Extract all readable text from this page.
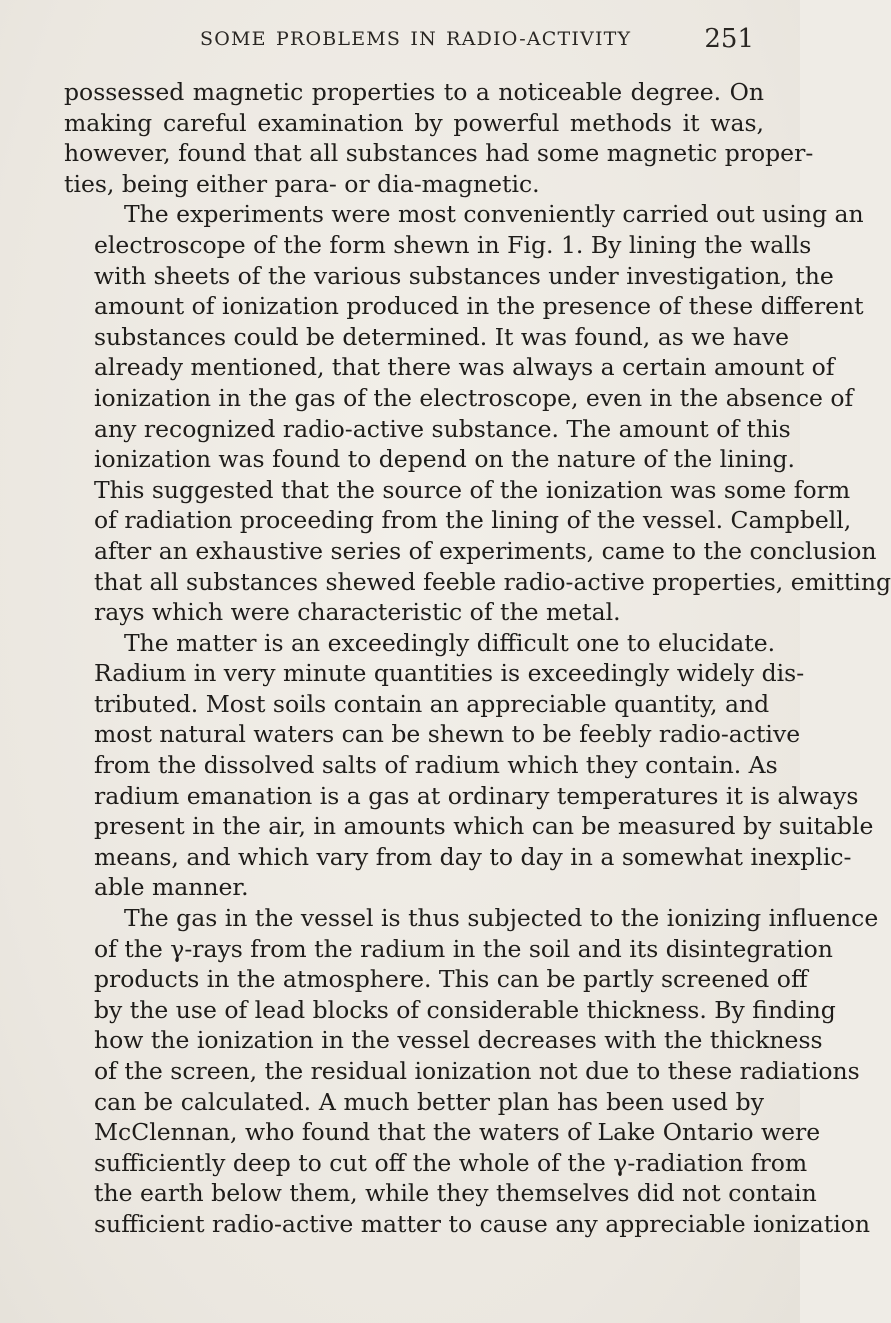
SOME PROBLEMS IN RADIO-ACTIVITY	251

possessed magnetic properties to a noticeable degree. On
making careful examination by powerful methods it was,
however, found that all substances had some magnetic proper-
ties, being either para- or dia-magnetic.

The experiments were most conveniently carried out using an
electroscope of the form shewn in Fig. 1. By lining the walls
with sheets of the various substances under investigation, the
amount of ionization produced in the presence of these different
substances could be determined. It was found, as we have
already mentioned, that there was always a certain amount of
ionization in the gas of the electroscope, even in the absence of
any recognized radio-active substance. The amount of this
ionization was found to depend on the nature of the lining.
This suggested that the source of the ionization was some form
of radiation proceeding from the lining of the vessel. Campbell,
after an exhaustive series of experiments, came to the conclusion
that all substances shewed feeble radio-active properties, emitting
rays which were characteristic of the metal.

The matter is an exceedingly difficult one to elucidate.
Radium in very minute quantities is exceedingly widely dis-
tributed. Most soils contain an appreciable quantity, and
most natural waters can be shewn to be feebly radio-active
from the dissolved salts of radium which they contain. As
radium emanation is a gas at ordinary temperatures it is always
present in the air, in amounts which can be measured by suitable
means, and which vary from day to day in a somewhat inexplic-
able manner.

The gas in the vessel is thus subjected to the ionizing influence
of the γ-rays from the radium in the soil and its disintegration
products in the atmosphere. This can be partly screened off
by the use of lead blocks of considerable thickness. By finding
how the ionization in the vessel decreases with the thickness
of the screen, the residual ionization not due to these radiations
can be calculated. A much better plan has been used by
McClennan, who found that the waters of Lake Ontario were
sufficiently deep to cut off the whole of the γ-radiation from
the earth below them, while they themselves did not contain
sufficient radio-active matter to cause any appreciable ionization
